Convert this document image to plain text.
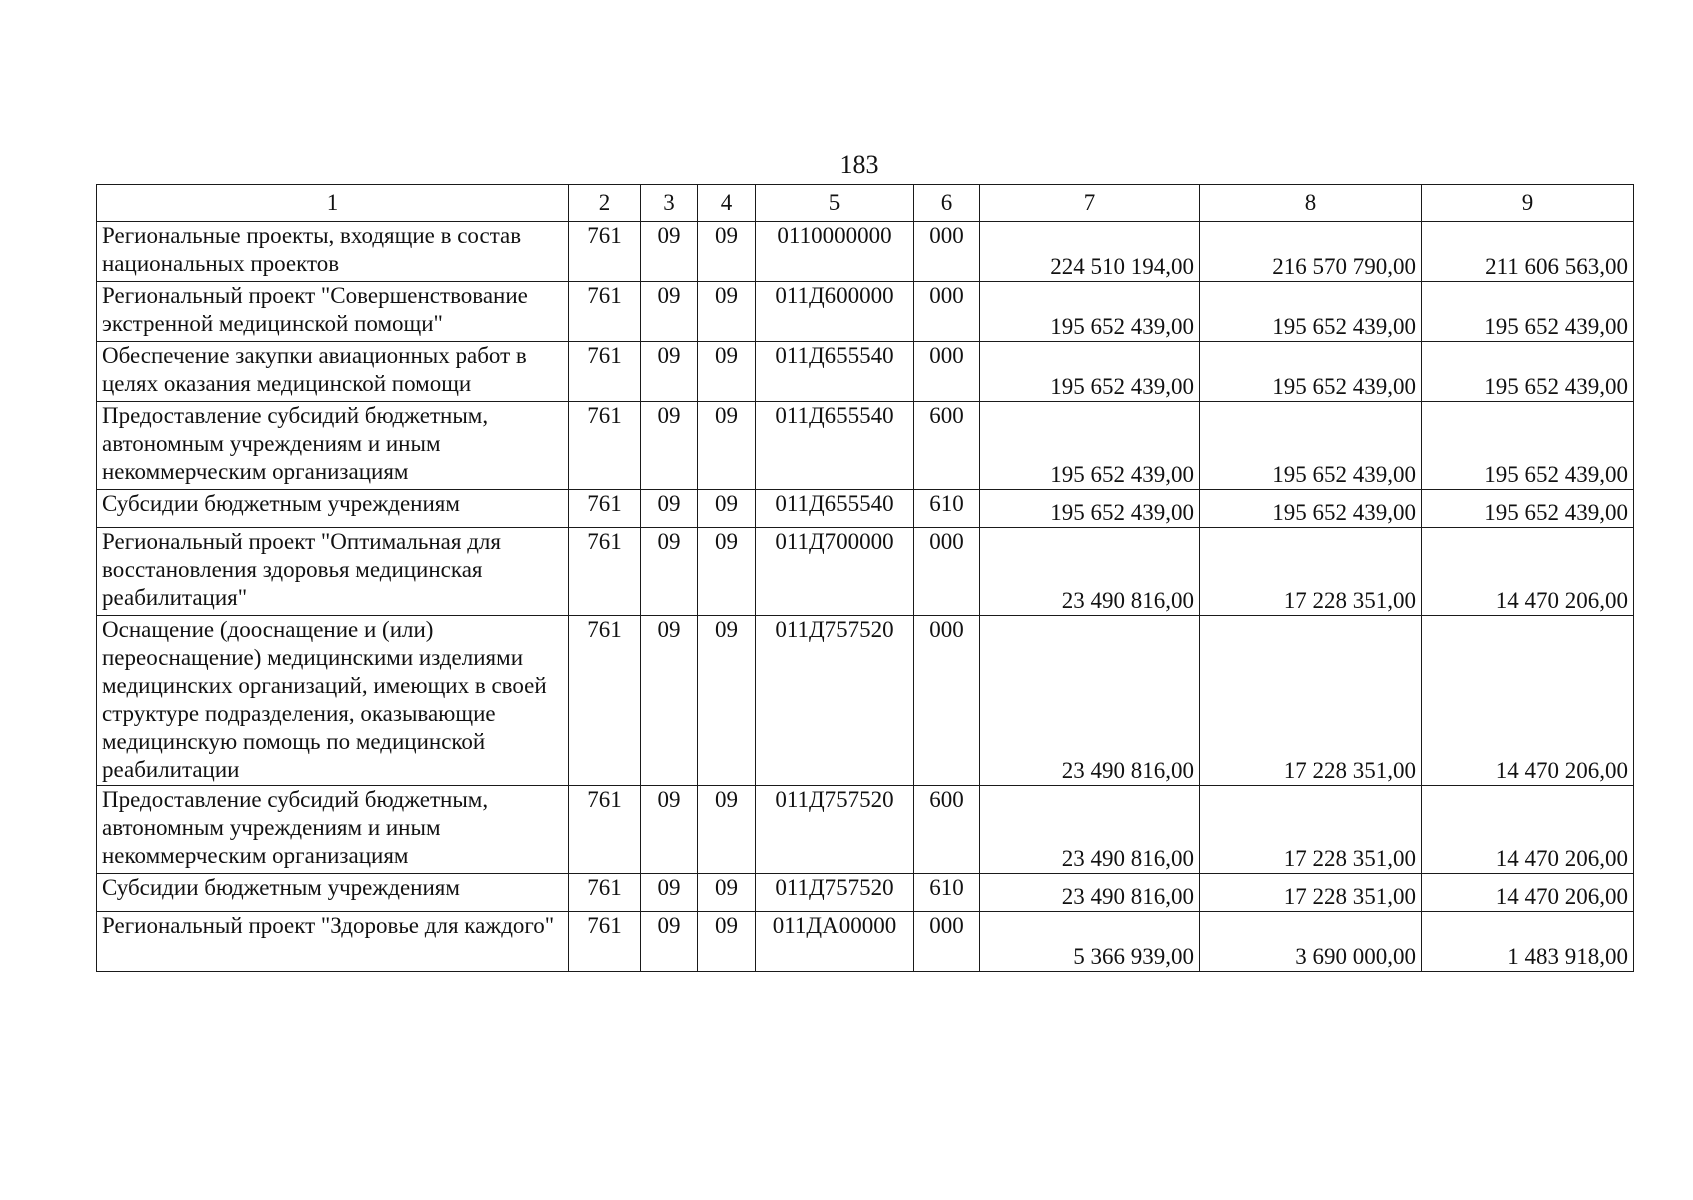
183
1	2	3	4	5	6	7	8	9
Региональные проекты, входящие в состав национальных проектов	761	09	09	0110000000	000	224 510 194,00	216 570 790,00	211 606 563,00
Региональный проект "Совершенствование экстренной медицинской помощи"	761	09	09	011Д600000	000	195 652 439,00	195 652 439,00	195 652 439,00
Обеспечение закупки авиационных работ в целях оказания медицинской помощи	761	09	09	011Д655540	000	195 652 439,00	195 652 439,00	195 652 439,00
Предоставление субсидий бюджетным, автономным учреждениям и иным некоммерческим организациям	761	09	09	011Д655540	600	195 652 439,00	195 652 439,00	195 652 439,00
Субсидии бюджетным учреждениям	761	09	09	011Д655540	610	195 652 439,00	195 652 439,00	195 652 439,00
Региональный проект "Оптимальная для восстановления здоровья медицинская реабилитация"	761	09	09	011Д700000	000	23 490 816,00	17 228 351,00	14 470 206,00
Оснащение (дооснащение и (или) переоснащение) медицинскими изделиями медицинских организаций, имеющих в своей структуре подразделения, оказывающие медицинскую помощь по медицинской реабилитации	761	09	09	011Д757520	000	23 490 816,00	17 228 351,00	14 470 206,00
Предоставление субсидий бюджетным, автономным учреждениям и иным некоммерческим организациям	761	09	09	011Д757520	600	23 490 816,00	17 228 351,00	14 470 206,00
Субсидии бюджетным учреждениям	761	09	09	011Д757520	610	23 490 816,00	17 228 351,00	14 470 206,00
Региональный проект "Здоровье для каждого"	761	09	09	011ДА00000	000	5 366 939,00	3 690 000,00	1 483 918,00
